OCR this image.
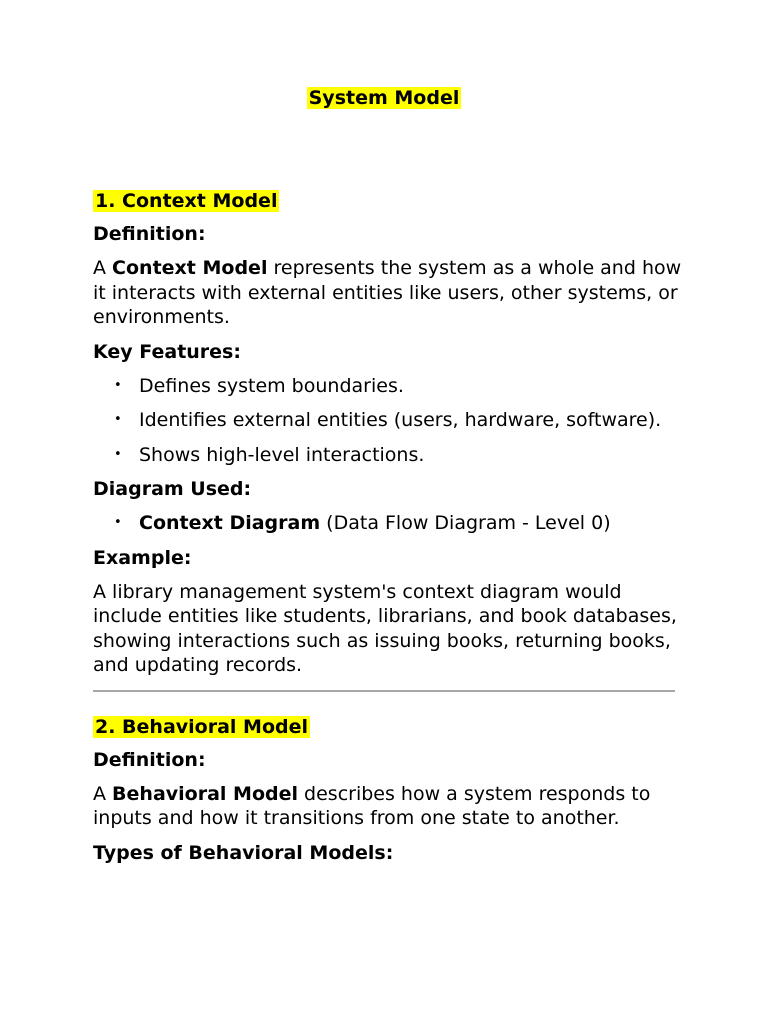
System Model
1. Context Model
Definition:

A Context Model represents the system as a whole and how it interacts with external entities like users, other systems, or environments.

Key Features:
• Defines system boundaries.
• Identifies external entities (users, hardware, software).
• Shows high-level interactions.
Diagram Used:
• Context Diagram (Data Flow Diagram - Level 0)
Example:

A library management system's context diagram would include entities like students, librarians, and book databases, showing interactions such as issuing books, returning books, and updating records.

2. Behavioral Model
Definition:

A Behavioral Model describes how a system responds to inputs and how it transitions from one state to another.

Types of Behavioral Models:
